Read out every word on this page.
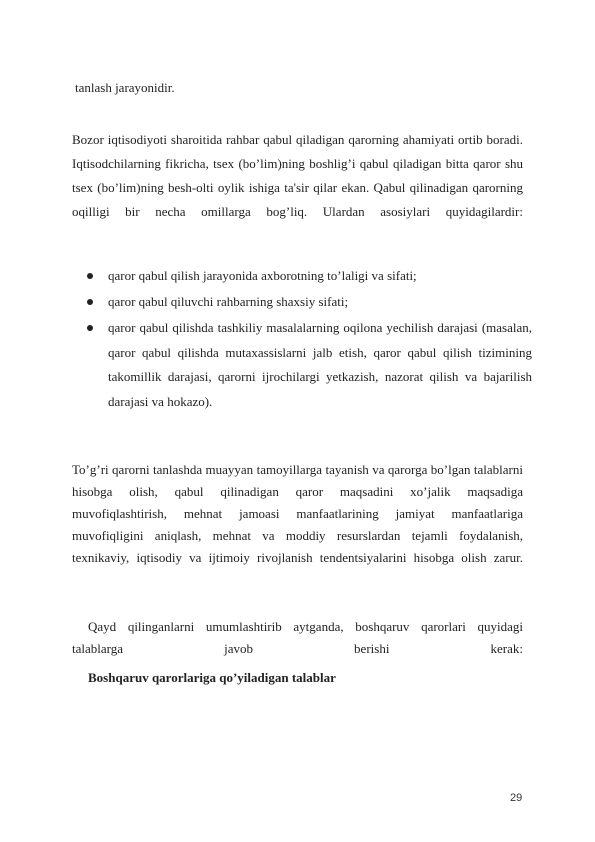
tanlash jarayonidir.
Bozor iqtisodiyoti sharoitida rahbar qabul qiladigan qarorning ahamiyati ortib boradi. Iqtisodchilarning fikricha, tsex (bo’lim)ning boshlig’i qabul qiladigan bitta qaror shu tsex (bo’lim)ning besh-olti oylik ishiga ta'sir qilar ekan. Qabul qilinadigan qarorning oqilligi bir necha omillarga bog’liq. Ulardan asosiylari quyidagilardir:
qaror qabul qilish jarayonida axborotning to’laligi va sifati;
qaror qabul qiluvchi rahbarning shaxsiy sifati;
qaror qabul qilishda tashkiliy masalalarning oqilona yechilish darajasi (masalan, qaror qabul qilishda mutaxassislarni jalb etish, qaror qabul qilish tizimining takomillik darajasi, qarorni ijrochilargi yetkazish, nazorat qilish va bajarilish darajasi va hokazo).
To’g’ri qarorni tanlashda muayyan tamoyillarga tayanish va qarorga bo’lgan talablarni hisobga olish, qabul qilinadigan qaror maqsadini xo’jalik maqsadiga muvofiqlashtirish, mehnat jamoasi manfaatlarining jamiyat manfaatlariga muvofiqligini aniqlash, mehnat va moddiy resurslardan tejamli foydalanish, texnikaviy, iqtisodiy va ijtimoiy rivojlanish tendentsiyalarini hisobga olish zarur.
Qayd qilinganlarni umumlashtirib aytganda, boshqaruv qarorlari quyidagi talablarga javob berishi kerak:
Boshqaruv qarorlariga qo’yiladigan talablar
29
